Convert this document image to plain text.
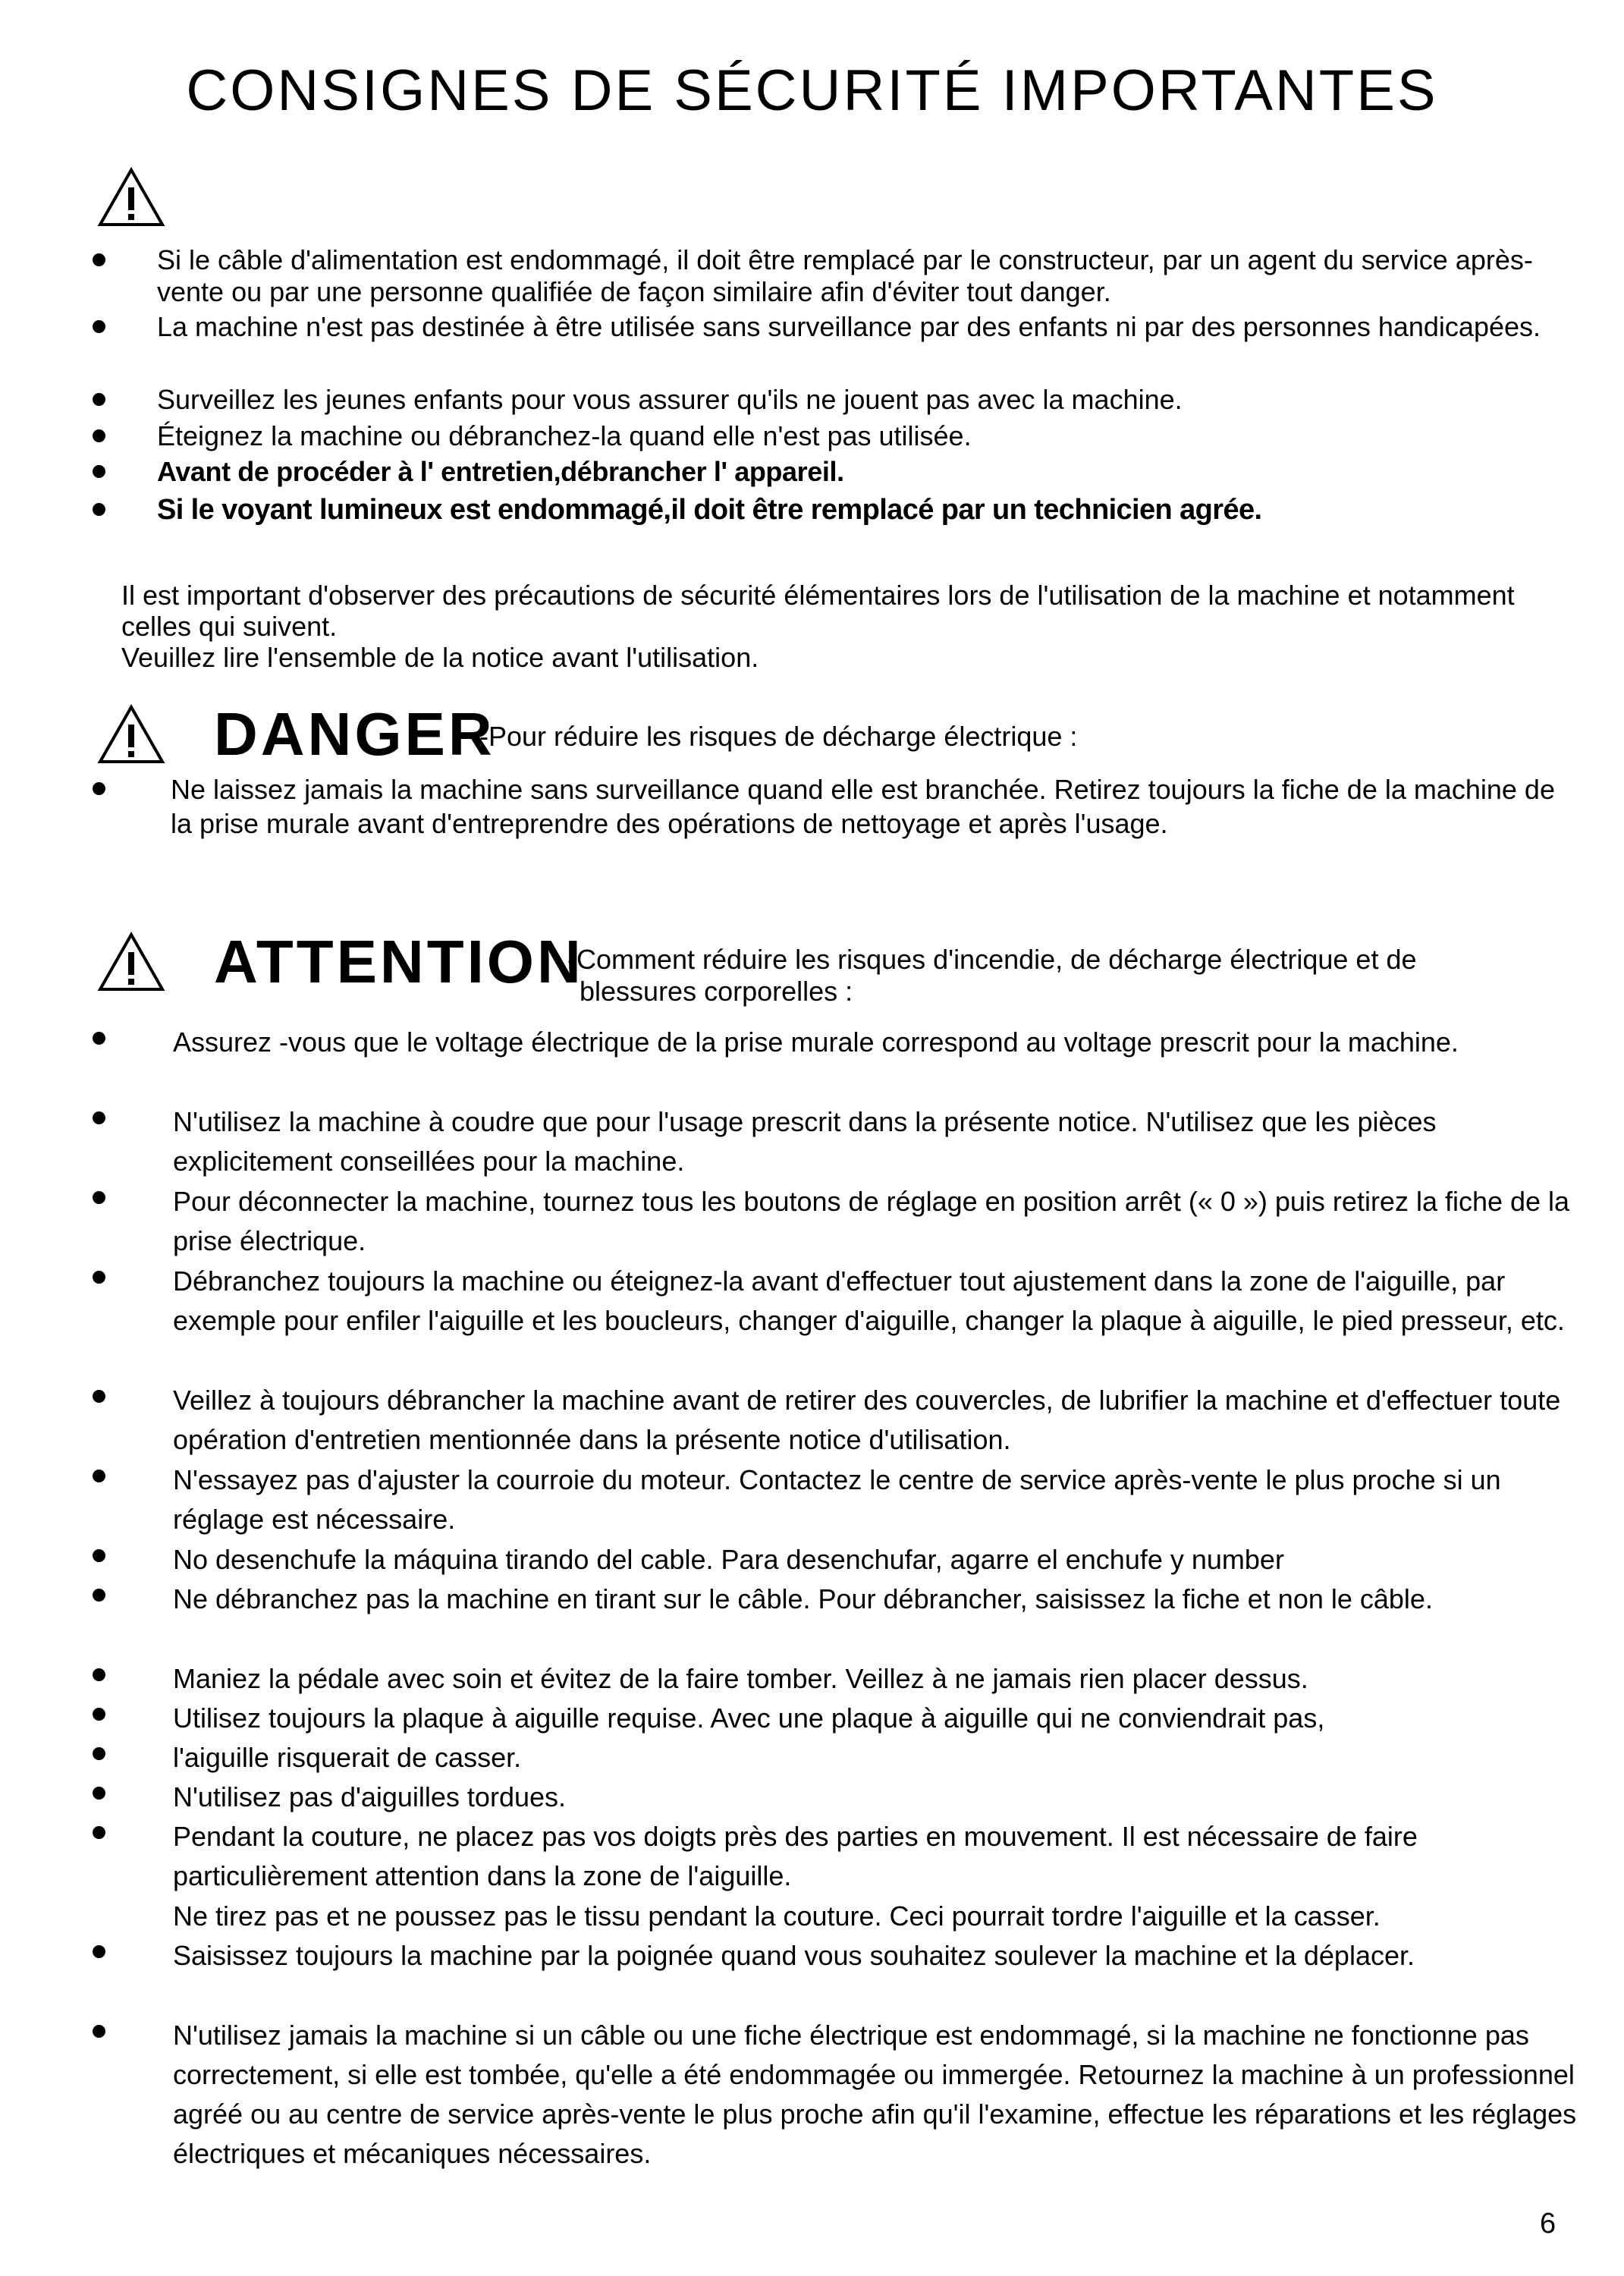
CONSIGNES DE SÉCURITÉ IMPORTANTES
Si le câble d'alimentation est endommagé, il doit être remplacé par le constructeur, par un agent du service après-vente ou par une personne qualifiée de façon similaire afin d'éviter tout danger.
La machine n'est pas destinée à être utilisée sans surveillance par des enfants ni par des personnes handicapées.
Surveillez les jeunes enfants pour vous assurer qu'ils ne jouent pas avec la machine.
Éteignez la machine ou débranchez-la quand elle n'est pas utilisée.
Avant de procéder à l' entretien,débrancher l' appareil.
Si le voyant lumineux est endommagé,il doit être remplacé par un technicien agrée.
Il est important d'observer des précautions de sécurité élémentaires lors de l'utilisation de la machine et notamment celles qui suivent.
Veuillez lire l'ensemble de la notice avant l'utilisation.
DANGER
-Pour réduire les risques de décharge électrique :
Ne laissez jamais la machine sans surveillance quand elle est branchée. Retirez toujours la fiche de la machine de la prise murale avant d'entreprendre des opérations de nettoyage et après l'usage.
ATTENTION
-Comment réduire les risques d'incendie, de décharge électrique et de
blessures corporelles :
Assurez -vous que le voltage électrique de la prise murale correspond au voltage prescrit pour la machine.
N'utilisez la machine à coudre que pour l'usage prescrit dans la présente notice. N'utilisez que les pièces explicitement conseillées pour la machine.
Pour déconnecter la machine, tournez tous les boutons de réglage en position arrêt (« 0 ») puis retirez la fiche de la prise électrique.
Débranchez toujours la machine ou éteignez-la avant d'effectuer tout ajustement dans la zone de l'aiguille, par exemple pour enfiler l'aiguille et les boucleurs, changer d'aiguille, changer la plaque à aiguille, le pied presseur, etc.
Veillez à toujours débrancher la machine avant de retirer des couvercles, de lubrifier la machine et d'effectuer toute opération d'entretien mentionnée dans la présente notice d'utilisation.
N'essayez pas d'ajuster la courroie du moteur. Contactez le centre de service après-vente le plus proche si un réglage est nécessaire.
No desenchufe la máquina tirando del cable. Para desenchufar, agarre el enchufe y number
Ne débranchez pas la machine en tirant sur le câble. Pour débrancher, saisissez la fiche et non le câble.
Maniez la pédale avec soin et évitez de la faire tomber. Veillez à ne jamais rien placer dessus.
Utilisez toujours la plaque à aiguille requise. Avec une plaque à aiguille qui ne conviendrait pas,
l'aiguille risquerait de casser.
N'utilisez pas d'aiguilles tordues.
Pendant la couture, ne placez pas vos doigts près des parties en mouvement. Il est nécessaire de faire particulièrement attention dans la zone de l'aiguille.
Saisissez toujours la machine par la poignée quand vous souhaitez soulever la machine et la déplacer.
N'utilisez jamais la machine si un câble ou une fiche électrique est endommagé, si la machine ne fonctionne pas correctement, si elle est tombée, qu'elle a été endommagée ou immergée. Retournez la machine à un professionnel agréé ou au centre de service après-vente le plus proche afin qu'il l'examine, effectue les réparations et les réglages électriques et mécaniques nécessaires.
Ne tirez pas et ne poussez pas le tissu pendant la couture. Ceci pourrait tordre l'aiguille et la casser.
6
